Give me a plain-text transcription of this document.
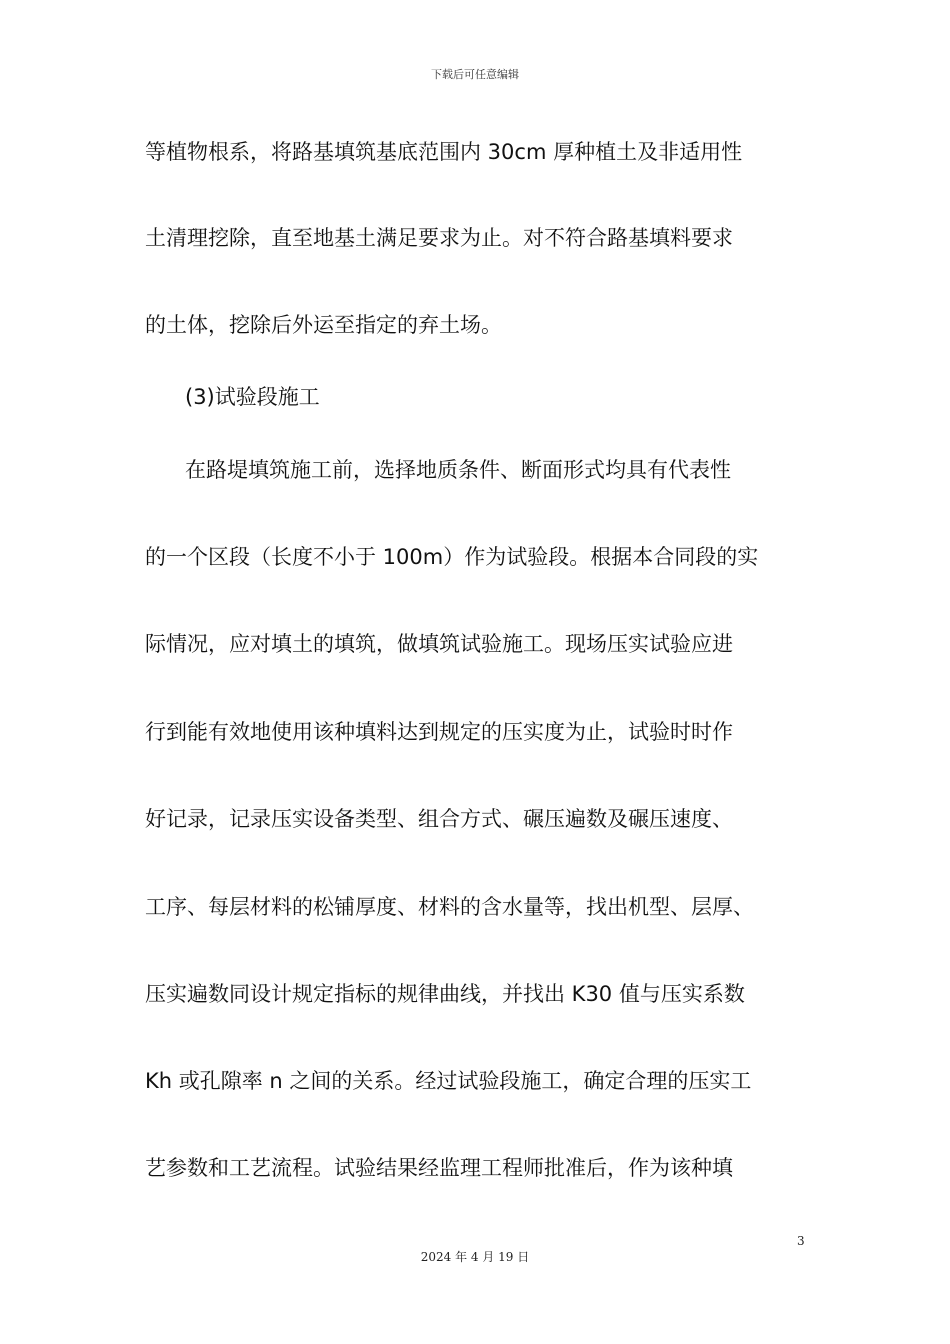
下载后可任意编辑
等植物根系，将路基填筑基底范围内 30cm 厚种植土及非适用性
土清理挖除，直至地基土满足要求为止。对不符合路基填料要求
的土体，挖除后外运至指定的弃土场。
(3)试验段施工
在路堤填筑施工前，选择地质条件、断面形式均具有代表性
的一个区段（长度不小于 100m）作为试验段。根据本合同段的实
际情况，应对填土的填筑，做填筑试验施工。现场压实试验应进
行到能有效地使用该种填料达到规定的压实度为止，试验时时作
好记录，记录压实设备类型、组合方式、碾压遍数及碾压速度、
工序、每层材料的松铺厚度、材料的含水量等，找出机型、层厚、
压实遍数同设计规定指标的规律曲线，并找出 K30 值与压实系数
Kh 或孔隙率 n 之间的关系。经过试验段施工，确定合理的压实工
艺参数和工艺流程。试验结果经监理工程师批准后，作为该种填
3
2024 年 4 月 19 日
